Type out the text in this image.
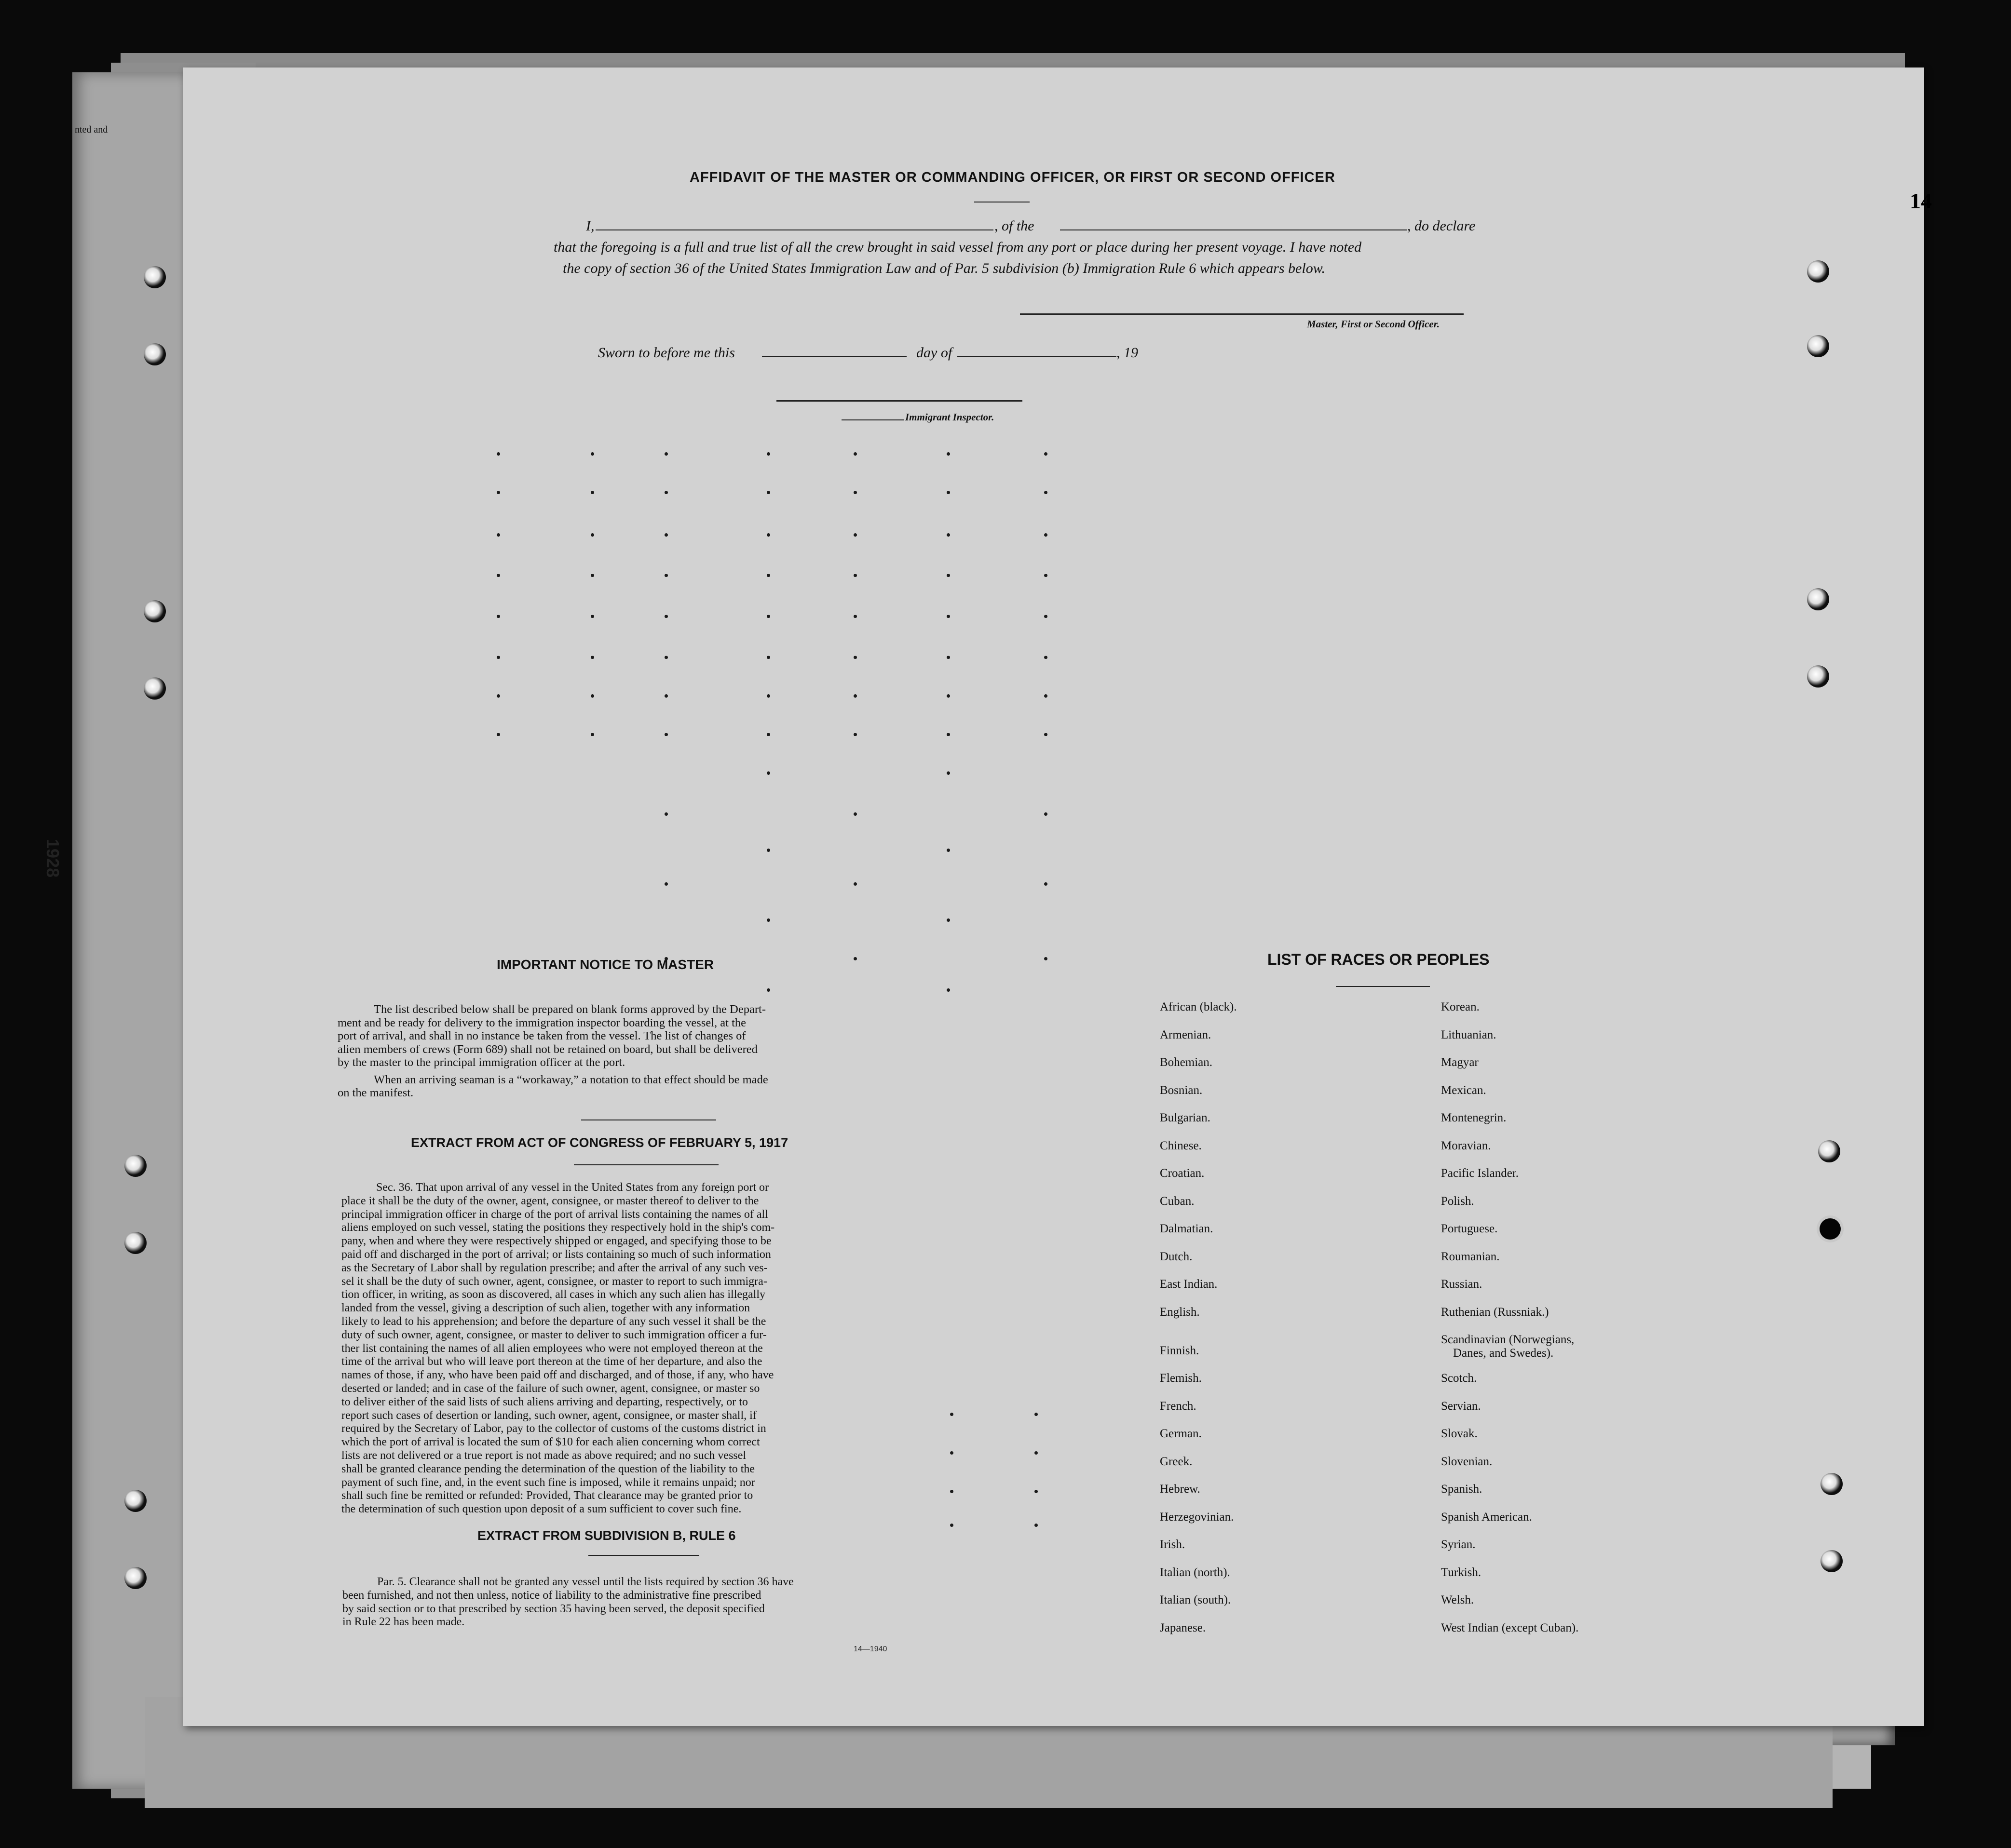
nted and
1928
14
AFFIDAVIT OF THE MASTER OR COMMANDING OFFICER, OR FIRST OR SECOND OFFICER
I,	, of the	, do declare
that the foregoing is a full and true list of all the crew brought in said vessel from any port or place during her present voyage. I have noted
the copy of section 36 of the United States Immigration Law and of Par. 5 subdivision (b) Immigration Rule 6 which appears below.
Master, First or Second Officer.
Sworn to before me this	day of	, 19
Immigrant Inspector.
IMPORTANT NOTICE TO MASTER
The list described below shall be prepared on blank forms approved by the Depart-
ment and be ready for delivery to the immigration inspector boarding the vessel, at the
port of arrival, and shall in no instance be taken from the vessel. The list of changes of
alien members of crews (Form 689) shall not be retained on board, but shall be delivered
by the master to the principal immigration officer at the port.
When an arriving seaman is a “workaway,” a notation to that effect should be made
on the manifest.
EXTRACT FROM ACT OF CONGRESS OF FEBRUARY 5, 1917
Sec. 36. That upon arrival of any vessel in the United States from any foreign port or
place it shall be the duty of the owner, agent, consignee, or master thereof to deliver to the
principal immigration officer in charge of the port of arrival lists containing the names of all
aliens employed on such vessel, stating the positions they respectively hold in the ship's com-
pany, when and where they were respectively shipped or engaged, and specifying those to be
paid off and discharged in the port of arrival; or lists containing so much of such information
as the Secretary of Labor shall by regulation prescribe; and after the arrival of any such ves-
sel it shall be the duty of such owner, agent, consignee, or master to report to such immigra-
tion officer, in writing, as soon as discovered, all cases in which any such alien has illegally
landed from the vessel, giving a description of such alien, together with any information
likely to lead to his apprehension; and before the departure of any such vessel it shall be the
duty of such owner, agent, consignee, or master to deliver to such immigration officer a fur-
ther list containing the names of all alien employees who were not employed thereon at the
time of the arrival but who will leave port thereon at the time of her departure, and also the
names of those, if any, who have been paid off and discharged, and of those, if any, who have
deserted or landed; and in case of the failure of such owner, agent, consignee, or master so
to deliver either of the said lists of such aliens arriving and departing, respectively, or to
report such cases of desertion or landing, such owner, agent, consignee, or master shall, if
required by the Secretary of Labor, pay to the collector of customs of the customs district in
which the port of arrival is located the sum of $10 for each alien concerning whom correct
lists are not delivered or a true report is not made as above required; and no such vessel
shall be granted clearance pending the determination of the question of the liability to the
payment of such fine, and, in the event such fine is imposed, while it remains unpaid; nor
shall such fine be remitted or refunded: Provided, That clearance may be granted prior to
the determination of such question upon deposit of a sum sufficient to cover such fine.
EXTRACT FROM SUBDIVISION B, RULE 6
Par. 5. Clearance shall not be granted any vessel until the lists required by section 36 have
been furnished, and not then unless, notice of liability to the administrative fine prescribed
by said section or to that prescribed by section 35 having been served, the deposit specified
in Rule 22 has been made.
14—1940
LIST OF RACES OR PEOPLES
African (black).
Armenian.
Bohemian.
Bosnian.
Bulgarian.
Chinese.
Croatian.
Cuban.
Dalmatian.
Dutch.
East Indian.
English.
Finnish.
Flemish.
French.
German.
Greek.
Hebrew.
Herzegovinian.
Irish.
Italian (north).
Italian (south).
Japanese.
Korean.
Lithuanian.
Magyar
Mexican.
Montenegrin.
Moravian.
Pacific Islander.
Polish.
Portuguese.
Roumanian.
Russian.
Ruthenian (Russniak.)
Scandinavian (Norwegians,
Danes, and Swedes).
Scotch.
Servian.
Slovak.
Slovenian.
Spanish.
Spanish American.
Syrian.
Turkish.
Welsh.
West Indian (except Cuban).
